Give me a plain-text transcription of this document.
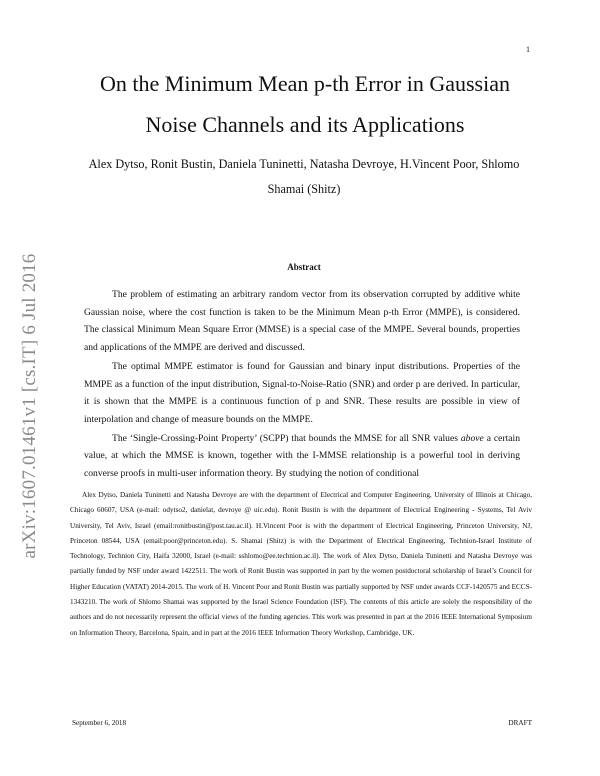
1
arXiv:1607.01461v1 [cs.IT] 6 Jul 2016
On the Minimum Mean p-th Error in Gaussian Noise Channels and its Applications
Alex Dytso, Ronit Bustin, Daniela Tuninetti, Natasha Devroye, H.Vincent Poor, Shlomo Shamai (Shitz)
Abstract

The problem of estimating an arbitrary random vector from its observation corrupted by additive white Gaussian noise, where the cost function is taken to be the Minimum Mean p-th Error (MMPE), is considered. The classical Minimum Mean Square Error (MMSE) is a special case of the MMPE. Several bounds, properties and applications of the MMPE are derived and discussed.

The optimal MMPE estimator is found for Gaussian and binary input distributions. Properties of the MMPE as a function of the input distribution, Signal-to-Noise-Ratio (SNR) and order p are derived. In particular, it is shown that the MMPE is a continuous function of p and SNR. These results are possible in view of interpolation and change of measure bounds on the MMPE.

The ‘Single-Crossing-Point Property’ (SCPP) that bounds the MMSE for all SNR values above a certain value, at which the MMSE is known, together with the I-MMSE relationship is a powerful tool in deriving converse proofs in multi-user information theory. By studying the notion of conditional

Alex Dytso, Daniela Tuninetti and Natasha Devroye are with the department of Electrical and Computer Engineering, University of Illinois at Chicago, Chicago 60607, USA (e-mail: odytso2, danielat, devroye @ uic.edu). Ronit Bustin is with the department of Electrical Engineering - Systems, Tel Aviv University, Tel Aviv, Israel (email:ronitbustin@post.tau.ac.il). H.Vincent Poor is with the department of Electrical Engineering, Princeton University, NJ, Princeton 08544, USA (email:poor@princeton.edu). S. Shamai (Shitz) is with the Department of Electrical Engineering, Technion-Israel Institute of Technology, Technion City, Haifa 32000, Israel (e-mail: sshlomo@ee.technion.ac.il). The work of Alex Dytso, Daniela Tuninetti and Natasha Devroye was partially funded by NSF under award 1422511. The work of Ronit Bustin was supported in part by the women postdoctoral scholarship of Israel’s Council for Higher Education (VATAT) 2014-2015. The work of H. Vincent Poor and Ronit Bustin was partially supported by NSF under awards CCF-1420575 and ECCS-1343210. The work of Shlomo Shamai was supported by the Israel Science Foundation (ISF). The contents of this article are solely the responsibility of the authors and do not necessarily represent the official views of the funding agencies. This work was presented in part at the 2016 IEEE International Symposium on Information Theory, Barcelona, Spain, and in part at the 2016 IEEE Information Theory Workshop, Cambridge, UK.

September 6, 2018	DRAFT
